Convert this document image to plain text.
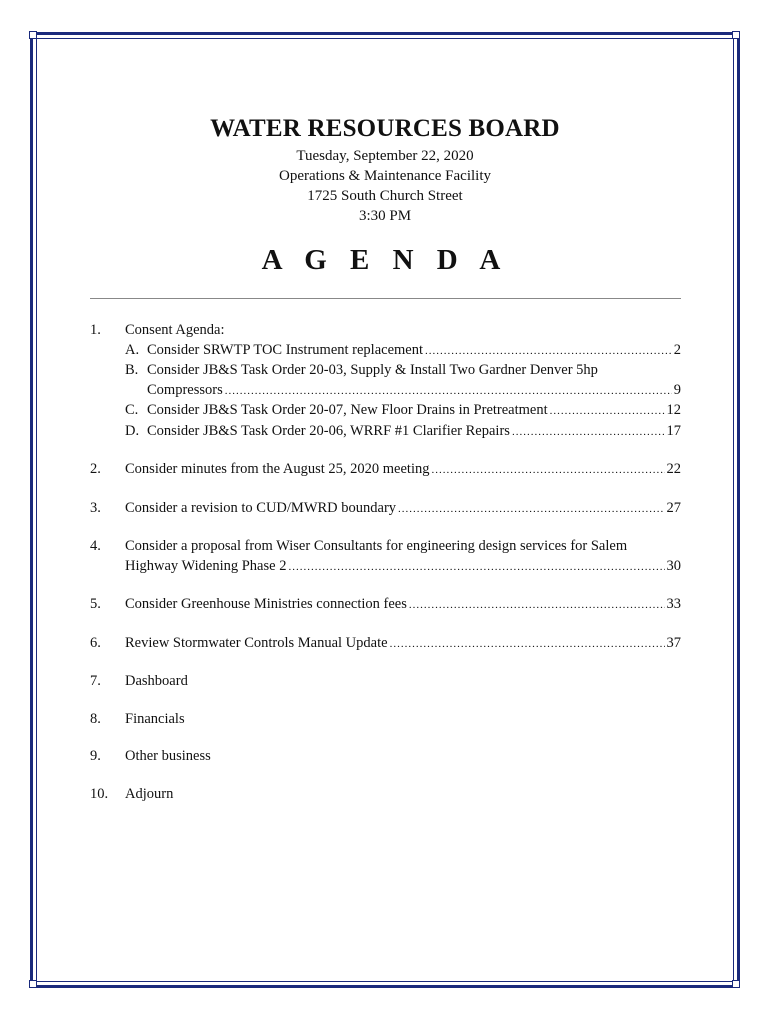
WATER RESOURCES BOARD

Tuesday, September 22, 2020

Operations & Maintenance Facility

1725 South Church Street

3:30 PM

A G E N D A
1. Consent Agenda:
A. Consider SRWTP TOC Instrument replacement .....	2
B. Consider JB&S Task Order 20-03, Supply & Install Two Gardner Denver 5hp
Compressors .....	9
C. Consider JB&S Task Order 20-07, New Floor Drains in Pretreatment .....	12
D. Consider JB&S Task Order 20-06, WRRF #1 Clarifier Repairs .....	17
2. Consider minutes from the August 25, 2020 meeting .....	22
3. Consider a revision to CUD/MWRD boundary .....	27
4. Consider a proposal from Wiser Consultants for engineering design services for Salem
Highway Widening Phase 2 .....	30
5. Consider Greenhouse Ministries connection fees .....	33
6. Review Stormwater Controls Manual Update .....	37
7. Dashboard
8. Financials
9. Other business
10. Adjourn
